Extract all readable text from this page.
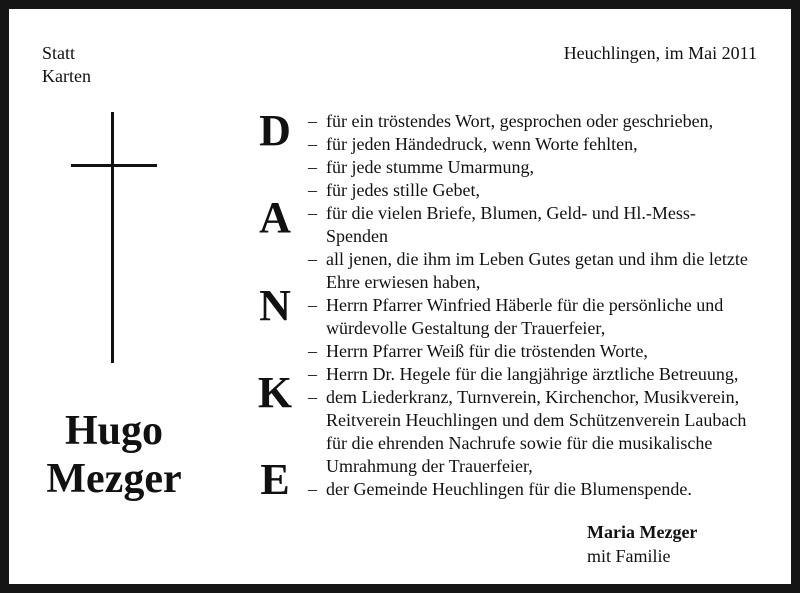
Statt
Karten
Heuchlingen, im Mai 2011
Hugo
Mezger
D
A
N
K
E
– für ein tröstendes Wort, gesprochen oder geschrieben,
– für jeden Händedruck, wenn Worte fehlten,
– für jede stumme Umarmung,
– für jedes stille Gebet,
– für die vielen Briefe, Blumen, Geld- und Hl.-Mess-
Spenden
– all jenen, die ihm im Leben Gutes getan und ihm die letzte
Ehre erwiesen haben,
– Herrn Pfarrer Winfried Häberle für die persönliche und
würdevolle Gestaltung der Trauerfeier,
– Herrn Pfarrer Weiß für die tröstenden Worte,
– Herrn Dr. Hegele für die langjährige ärztliche Betreuung,
– dem Liederkranz, Turnverein, Kirchenchor, Musikverein,
Reitverein Heuchlingen und dem Schützenverein Laubach
für die ehrenden Nachrufe sowie für die musikalische
Umrahmung der Trauerfeier,
– der Gemeinde Heuchlingen für die Blumenspende.
Maria Mezger
mit Familie
